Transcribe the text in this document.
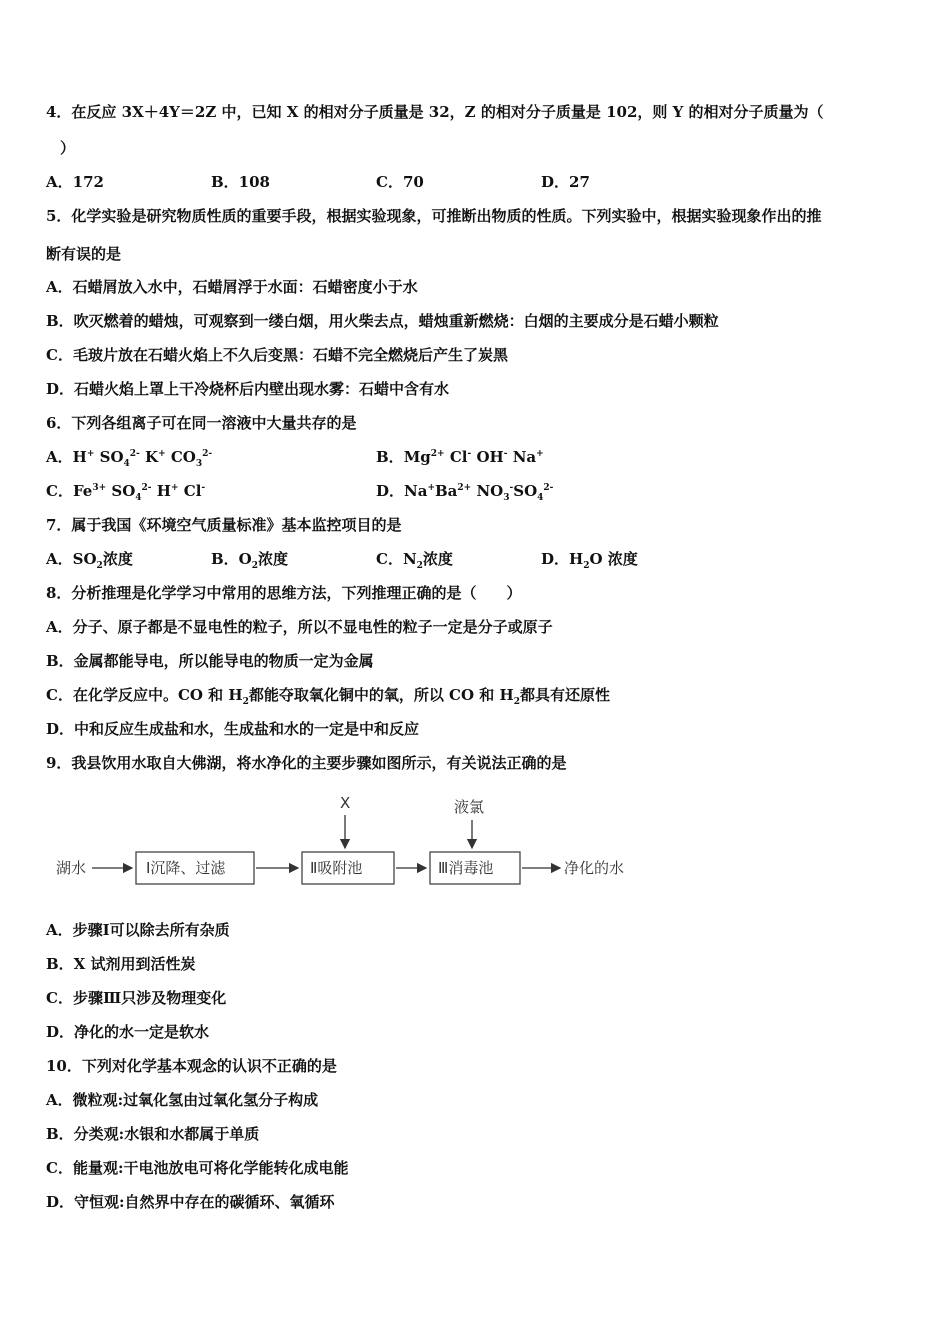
4．在反应 3X＋4Y＝2Z 中，已知 X 的相对分子质量是 32，Z 的相对分子质量是 102，则 Y 的相对分子质量为（
）
A．172	B．108	C．70	D．27
5．化学实验是研究物质性质的重要手段，根据实验现象，可推断出物质的性质。下列实验中，根据实验现象作出的推
断有误的是
A．石蜡屑放入水中，石蜡屑浮于水面：石蜡密度小于水
B．吹灭燃着的蜡烛，可观察到一缕白烟，用火柴去点，蜡烛重新燃烧：白烟的主要成分是石蜡小颗粒
C．毛玻片放在石蜡火焰上不久后变黑：石蜡不完全燃烧后产生了炭黑
D．石蜡火焰上罩上干冷烧杯后内壁出现水雾：石蜡中含有水
6．下列各组离子可在同一溶液中大量共存的是
A．H+ $SO_4^{2-}$ K+ $CO_3^{2-}$	B．$Mg^{2+}$ Cl- OH- Na+
C．$Fe^{3+}$ $SO_4^{2-}$ H+ Cl-	D．$Na^+Ba^{2+}$ $NO_3^-SO_4^{2-}$
7．属于我国《环境空气质量标准》基本监控项目的是
A．$SO_2$浓度	B．$O_2$浓度	C．$N_2$浓度	D．$H_2O$ 浓度
8．分析推理是化学学习中常用的思维方法，下列推理正确的是（　　）
A．分子、原子都是不显电性的粒子，所以不显电性的粒子一定是分子或原子
B．金属都能导电，所以能导电的物质一定为金属
C．在化学反应中。CO 和 $H_2$都能夺取氧化铜中的氧，所以 CO 和 $H_2$都具有还原性
D．中和反应生成盐和水，生成盐和水的一定是中和反应
9．我县饮用水取自大佛湖，将水净化的主要步骤如图所示，有关说法正确的是
湖水	Ⅰ沉降、过滤	Ⅱ吸附池
X
Ⅲ消毒池
液氯
净化的水
A．步骤Ⅰ可以除去所有杂质
B．X 试剂用到活性炭
C．步骤Ⅲ只涉及物理变化
D．净化的水一定是软水
10．下列对化学基本观念的认识不正确的是
A．微粒观:过氧化氢由过氧化氢分子构成
B．分类观:水银和水都属于单质
C．能量观:干电池放电可将化学能转化成电能
D．守恒观:自然界中存在的碳循环、氧循环
